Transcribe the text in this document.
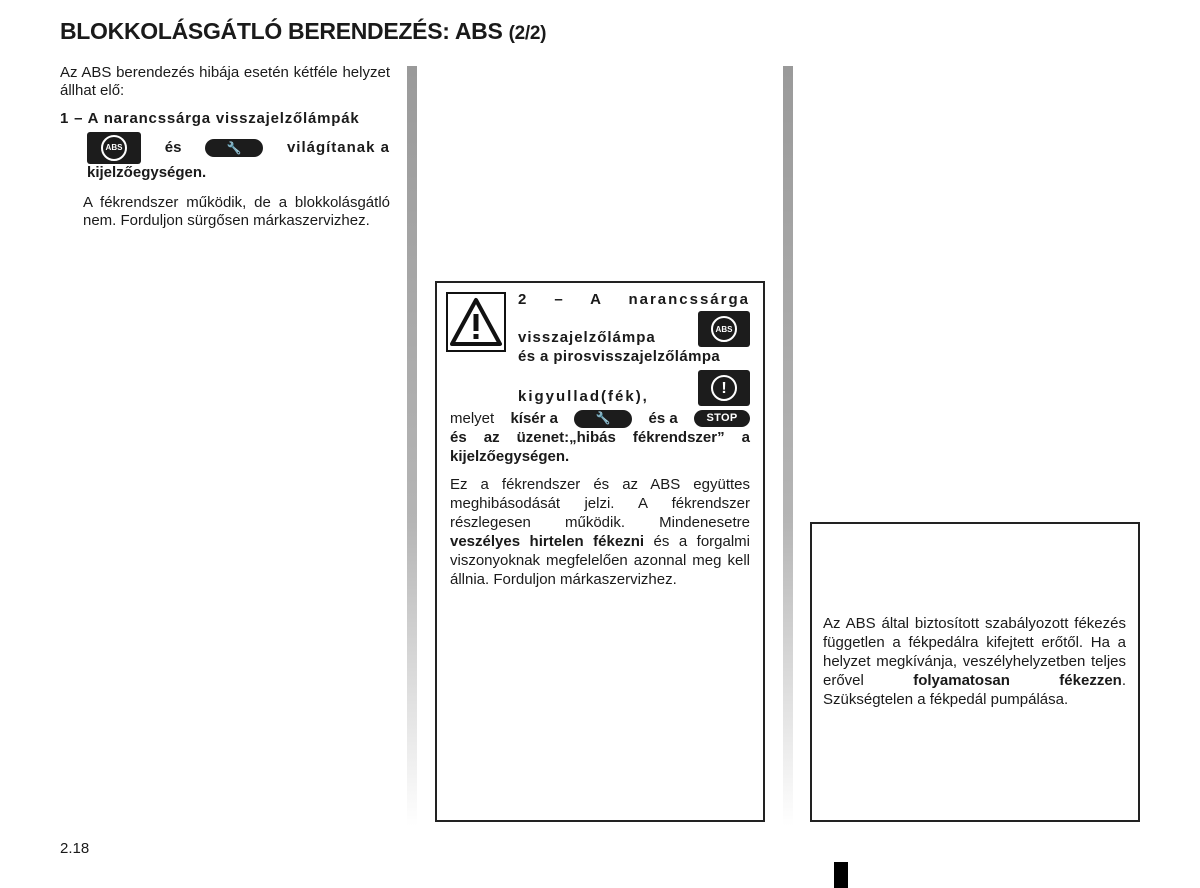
BLOKKOLÁSGÁTLÓ BERENDEZÉS: ABS (2/2)

Az ABS berendezés hibája esetén kétféle helyzet állhat elő:

1 – A narancssárga visszajelzőlámpák

ABS	és	🔧	világítanak a

kijelzőegységen.

A fékrendszer működik, de a blokkolásgátló nem. Forduljon sürgősen márkaszervizhez.

2 – A narancssárga
visszajelzőlámpa	ABS
és a pirosvisszajelzőlámpa
kigyullad(fék),	!
melyet kísér a	🔧	és a	STOP

és az üzenet:„hibás fékrendszer” a kijelzőegységen.

Ez a fékrendszer és az ABS együttes meghibásodását jelzi. A fékrendszer részlegesen működik. Mindenesetre veszélyes hirtelen fékezni és a forgalmi viszonyoknak megfelelően azonnal meg kell állnia. Forduljon márkaszervizhez.

Az ABS által biztosított szabályozott fékezés független a fékpedálra kifejtett erőtől. Ha a helyzet megkívánja, veszélyhelyzetben teljes erővel	folyamatosan fékezzen. Szükségtelen a fékpedál pumpálása.
2.18
